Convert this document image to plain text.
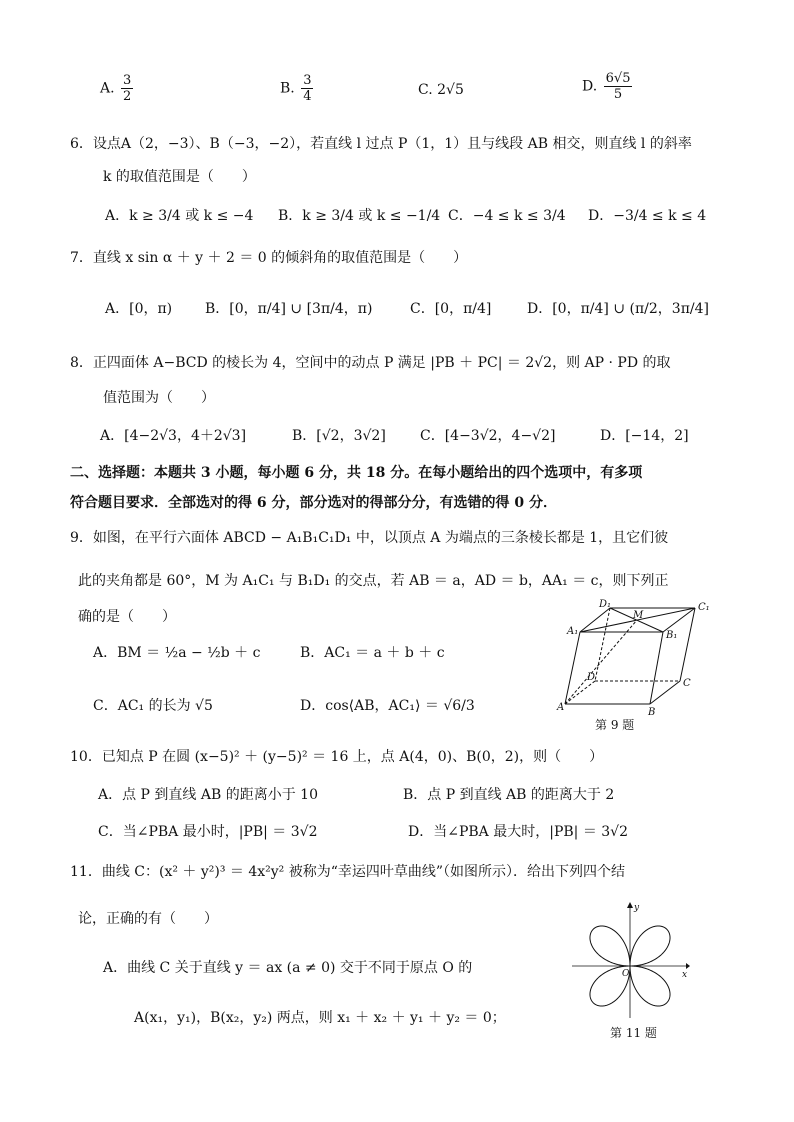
A. $\frac{3}{2}$	B. $\frac{3}{4}$	C. 2√5	D. $\frac{6√5}{5}$
6．设点A（2，−3）、B（−3，−2），若直线 l 过点 P（1，1）且与线段 AB 相交，则直线 l 的斜率
k 的取值范围是（　　）
A．k ≥ 3/4 或 k ≤ −4 B．k ≥ 3/4 或 k ≤ −1/4 C．−4 ≤ k ≤ 3/4 D．−3/4 ≤ k ≤ 4
7．直线 x sin α ＋ y ＋ 2 ＝ 0 的倾斜角的取值范围是（　　）
A．[0，π) B．[0，π/4] ∪ [3π/4，π)	C．[0，π/4]	D．[0，π/4] ∪ (π/2，3π/4]
8．正四面体 A−BCD 的棱长为 4，空间中的动点 P 满足 |PB ＋ PC| ＝ 2√2，则 AP · PD 的取
值范围为（　　）
A．[4−2√3，4＋2√3]	B．[√2，3√2] C．[4−3√2，4−√2]	D．[−14，2]
二、选择题：本题共 3 小题，每小题 6 分，共 18 分。在每小题给出的四个选项中，有多项
符合题目要求．全部选对的得 6 分，部分选对的得部分分，有选错的得 0 分．
9．如图，在平行六面体 ABCD − A₁B₁C₁D₁ 中，以顶点 A 为端点的三条棱长都是 1，且它们彼
此的夹角都是 60°，M 为 A₁C₁ 与 B₁D₁ 的交点，若 AB ＝ a，AD ＝ b，AA₁ ＝ c，则下列正
确的是（　　）
A．BM ＝ ½a − ½b ＋ c	B．AC₁ ＝ a ＋ b ＋ c
C．AC₁ 的长为 √5	D．cos⟨AB，AC₁⟩ ＝ √6/3
D₁
M
C₁
A₁	B₁
D
C
A	B
第 9 题
10．已知点 P 在圆 (x−5)² ＋ (y−5)² ＝ 16 上，点 A(4，0)、B(0，2)，则（　　）
A．点 P 到直线 AB 的距离小于 10	B．点 P 到直线 AB 的距离大于 2
C．当∠PBA 最小时，|PB| ＝ 3√2	D．当∠PBA 最大时，|PB| ＝ 3√2
11．曲线 C：(x² ＋ y²)³ ＝ 4x²y² 被称为“幸运四叶草曲线”（如图所示）．给出下列四个结
论，正确的有（　　）
A．曲线 C 关于直线 y ＝ ax (a ≠ 0) 交于不同于原点 O 的
A(x₁，y₁)，B(x₂，y₂) 两点，则 x₁ ＋ x₂ ＋ y₁ ＋ y₂ ＝ 0；
y
O	x
第 11 题
